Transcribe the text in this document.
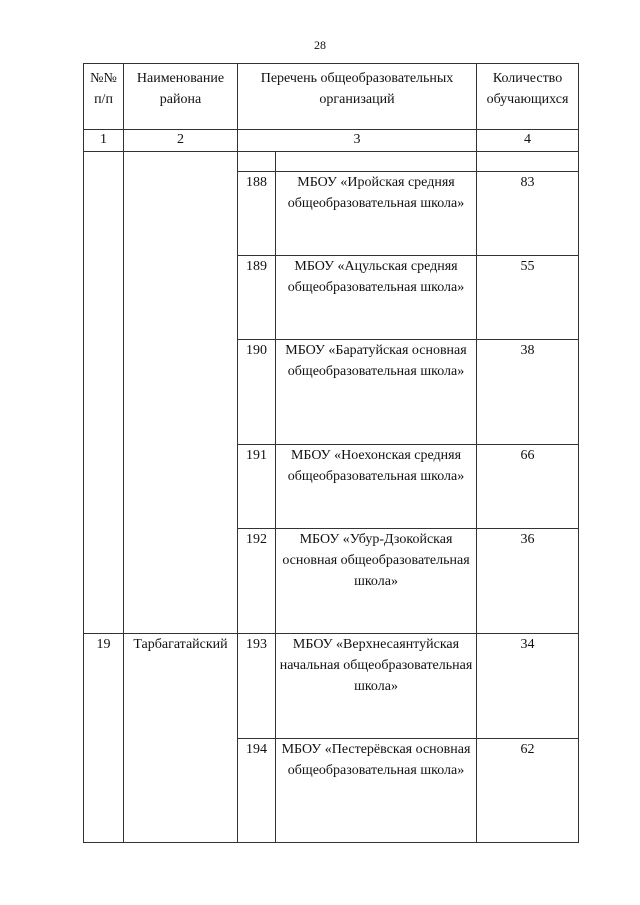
28
№№ п/п	Наименование района	Перечень общеобразовательных организаций		Количество обучающихся
1	2	3		4

		188	МБОУ «Иройская средняя общеобразовательная школа»	83
		189	МБОУ «Ацульская средняя общеобразовательная школа»	55
		190	МБОУ «Баратуйская основная общеобразовательная школа»	38
		191	МБОУ «Ноехонская средняя общеобразовательная школа»	66
		192	МБОУ «Убур-Дзокойская основная общеобразовательная школа»	36
19	Тарбагатайский	193	МБОУ «Верхнесаянтуйская начальная общеобразовательная школа»	34
		194	МБОУ «Пестерёвская основная общеобразовательная школа»	62
